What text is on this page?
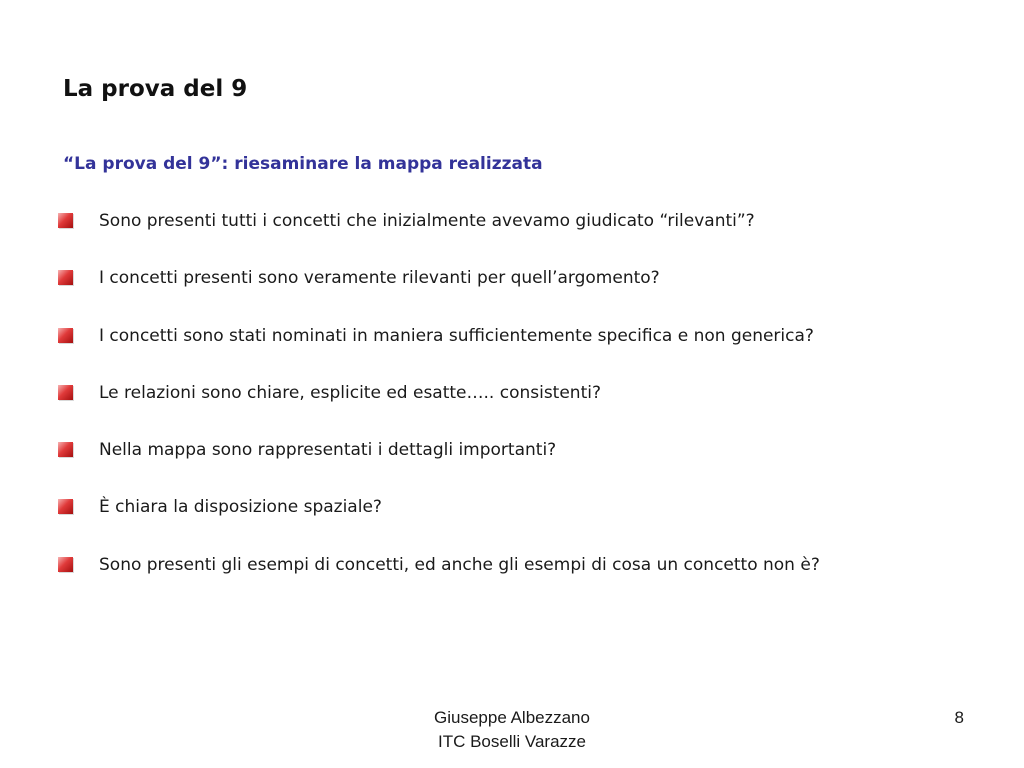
La prova del 9
“La prova del 9”: riesaminare la mappa realizzata
Sono presenti tutti i concetti che inizialmente avevamo giudicato “rilevanti”?
I concetti presenti sono veramente rilevanti per quell’argomento?
I concetti sono stati nominati in maniera sufficientemente specifica e non generica?
Le relazioni sono chiare, esplicite ed esatte….. consistenti?
Nella mappa sono rappresentati i dettagli importanti?
È chiara la disposizione spaziale?
Sono presenti gli esempi di concetti, ed anche gli esempi di cosa un concetto non è?
Giuseppe Albezzano
ITC Boselli Varazze
8
